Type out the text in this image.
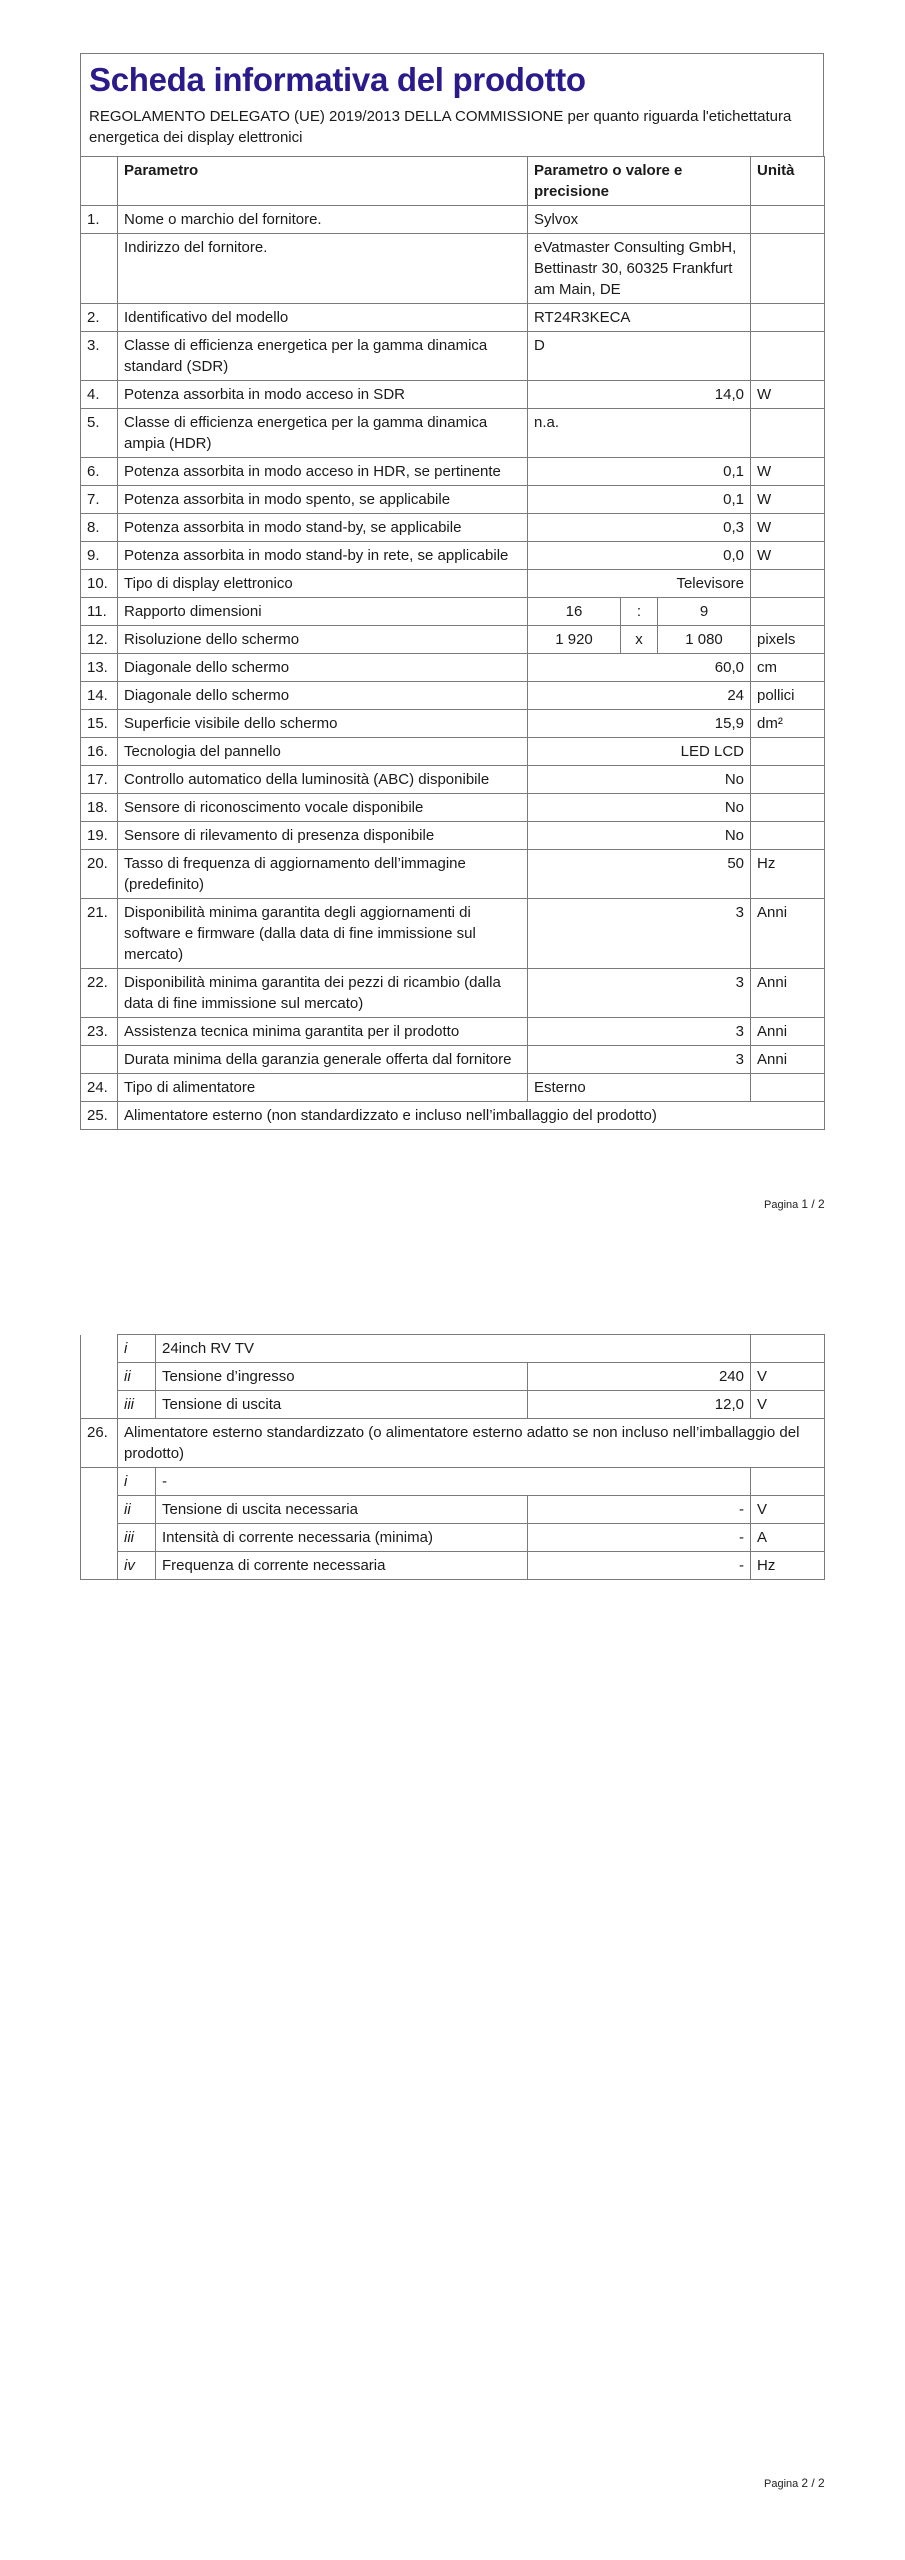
Scheda informativa del prodotto
REGOLAMENTO DELEGATO (UE) 2019/2013 DELLA COMMISSIONE per quanto riguarda l'etichettatura energetica dei display elettronici
	Parametro	Parametro o valore e precisione			Unità
1.	Nome o marchio del fornitore.	Sylvox			
	Indirizzo del fornitore.	eVatmaster Consulting GmbH, Bettinastr 30, 60325 Frankfurt am Main, DE			
2.	Identificativo del modello	RT24R3KECA			
3.	Classe di efficienza energetica per la gamma dinamica standard (SDR)	D			
4.	Potenza assorbita in modo acceso in SDR	14,0			W
5.	Classe di efficienza energetica per la gamma dinamica ampia (HDR)	n.a.			
6.	Potenza assorbita in modo acceso in HDR, se pertinente	0,1			W
7.	Potenza assorbita in modo spento, se applicabile	0,1			W
8.	Potenza assorbita in modo stand-by, se applicabile	0,3			W
9.	Potenza assorbita in modo stand-by in rete, se applicabile	0,0			W
10.	Tipo di display elettronico	Televisore			
11.	Rapporto dimensioni	16	:	9	
12.	Risoluzione dello schermo	1 920	x	1 080	pixels
13.	Diagonale dello schermo	60,0			cm
14.	Diagonale dello schermo	24			pollici
15.	Superficie visibile dello schermo	15,9			dm²
16.	Tecnologia del pannello	LED LCD			
17.	Controllo automatico della luminosità (ABC) disponibile	No			
18.	Sensore di riconoscimento vocale disponibile	No			
19.	Sensore di rilevamento di presenza disponibile	No			
20.	Tasso di frequenza di aggiornamento dell’immagine (predefinito)	50			Hz
21.	Disponibilità minima garantita degli aggiornamenti di software e firmware (dalla data di fine immissione sul mercato)	3			Anni
22.	Disponibilità minima garantita dei pezzi di ricambio (dalla data di fine immissione sul mercato)	3			Anni
23.	Assistenza tecnica minima garantita per il prodotto	3			Anni
	Durata minima della garanzia generale offerta dal fornitore	3			Anni
24.	Tipo di alimentatore	Esterno			
25.	Alimentatore esterno (non standardizzato e incluso nell’imballaggio del prodotto)				
Pagina 1 / 2
	i	24inch RV TV		
	ii	Tensione d’ingresso	240	V
	iii	Tensione di uscita	12,0	V
26.	Alimentatore esterno standardizzato (o alimentatore esterno adatto se non incluso nell’imballaggio del prodotto)			
	i	-		
	ii	Tensione di uscita necessaria	-	V
	iii	Intensità di corrente necessaria (minima)	-	A
	iv	Frequenza di corrente necessaria	-	Hz
Pagina 2 / 2
